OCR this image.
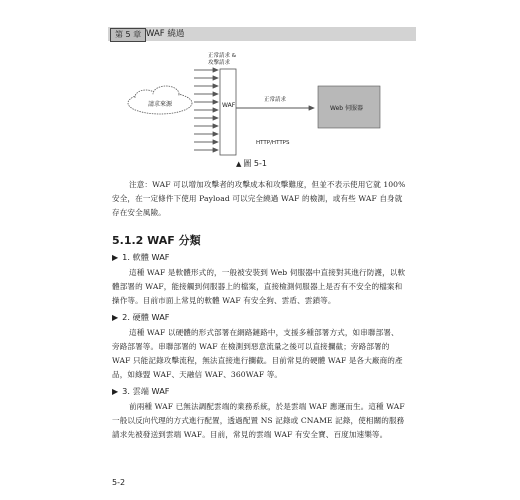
第 5 章 WAF 繞過
正常請求 &
攻擊請求
請求來源	WAF	Web 伺服器
正常請求
HTTP/HTTPS
▲ 圖 5-1

注意：WAF 可以增加攻擊者的攻擊成本和攻擊難度，但並不表示使用它就 100% 安全，在一定條件下使用 Payload 可以完全繞過 WAF 的檢測，或有些 WAF 自身就存在安全風險。

5.1.2 WAF 分類
▶ 1. 軟體 WAF

這種 WAF 是軟體形式的，一般被安裝到 Web 伺服器中直接對其進行防護，以軟體部署的 WAF，能接觸到伺服器上的檔案，直接檢測伺服器上是否有不安全的檔案和操作等。目前市面上常見的軟體 WAF 有安全狗、雲盾、雲鎖等。

▶ 2. 硬體 WAF

這種 WAF 以硬體的形式部署在網路鏈路中，支援多種部署方式，如串聯部署、旁路部署等。串聯部署的 WAF 在檢測到惡意流量之後可以直接攔截；旁路部署的 WAF 只能記錄攻擊流程，無法直接進行攔截。目前常見的硬體 WAF 是各大廠商的產品，如綠盟 WAF、天融信 WAF、360WAF 等。

▶ 3. 雲端 WAF

前兩種 WAF 已無法調配雲端的業務系統，於是雲端 WAF 應運而生。這種 WAF 一般以反向代理的方式進行配置，透過配置 NS 記錄或 CNAME 記錄，使相關的服務請求先被發送到雲端 WAF。目前，常見的雲端 WAF 有安全寶、百度加速樂等。

5-2
